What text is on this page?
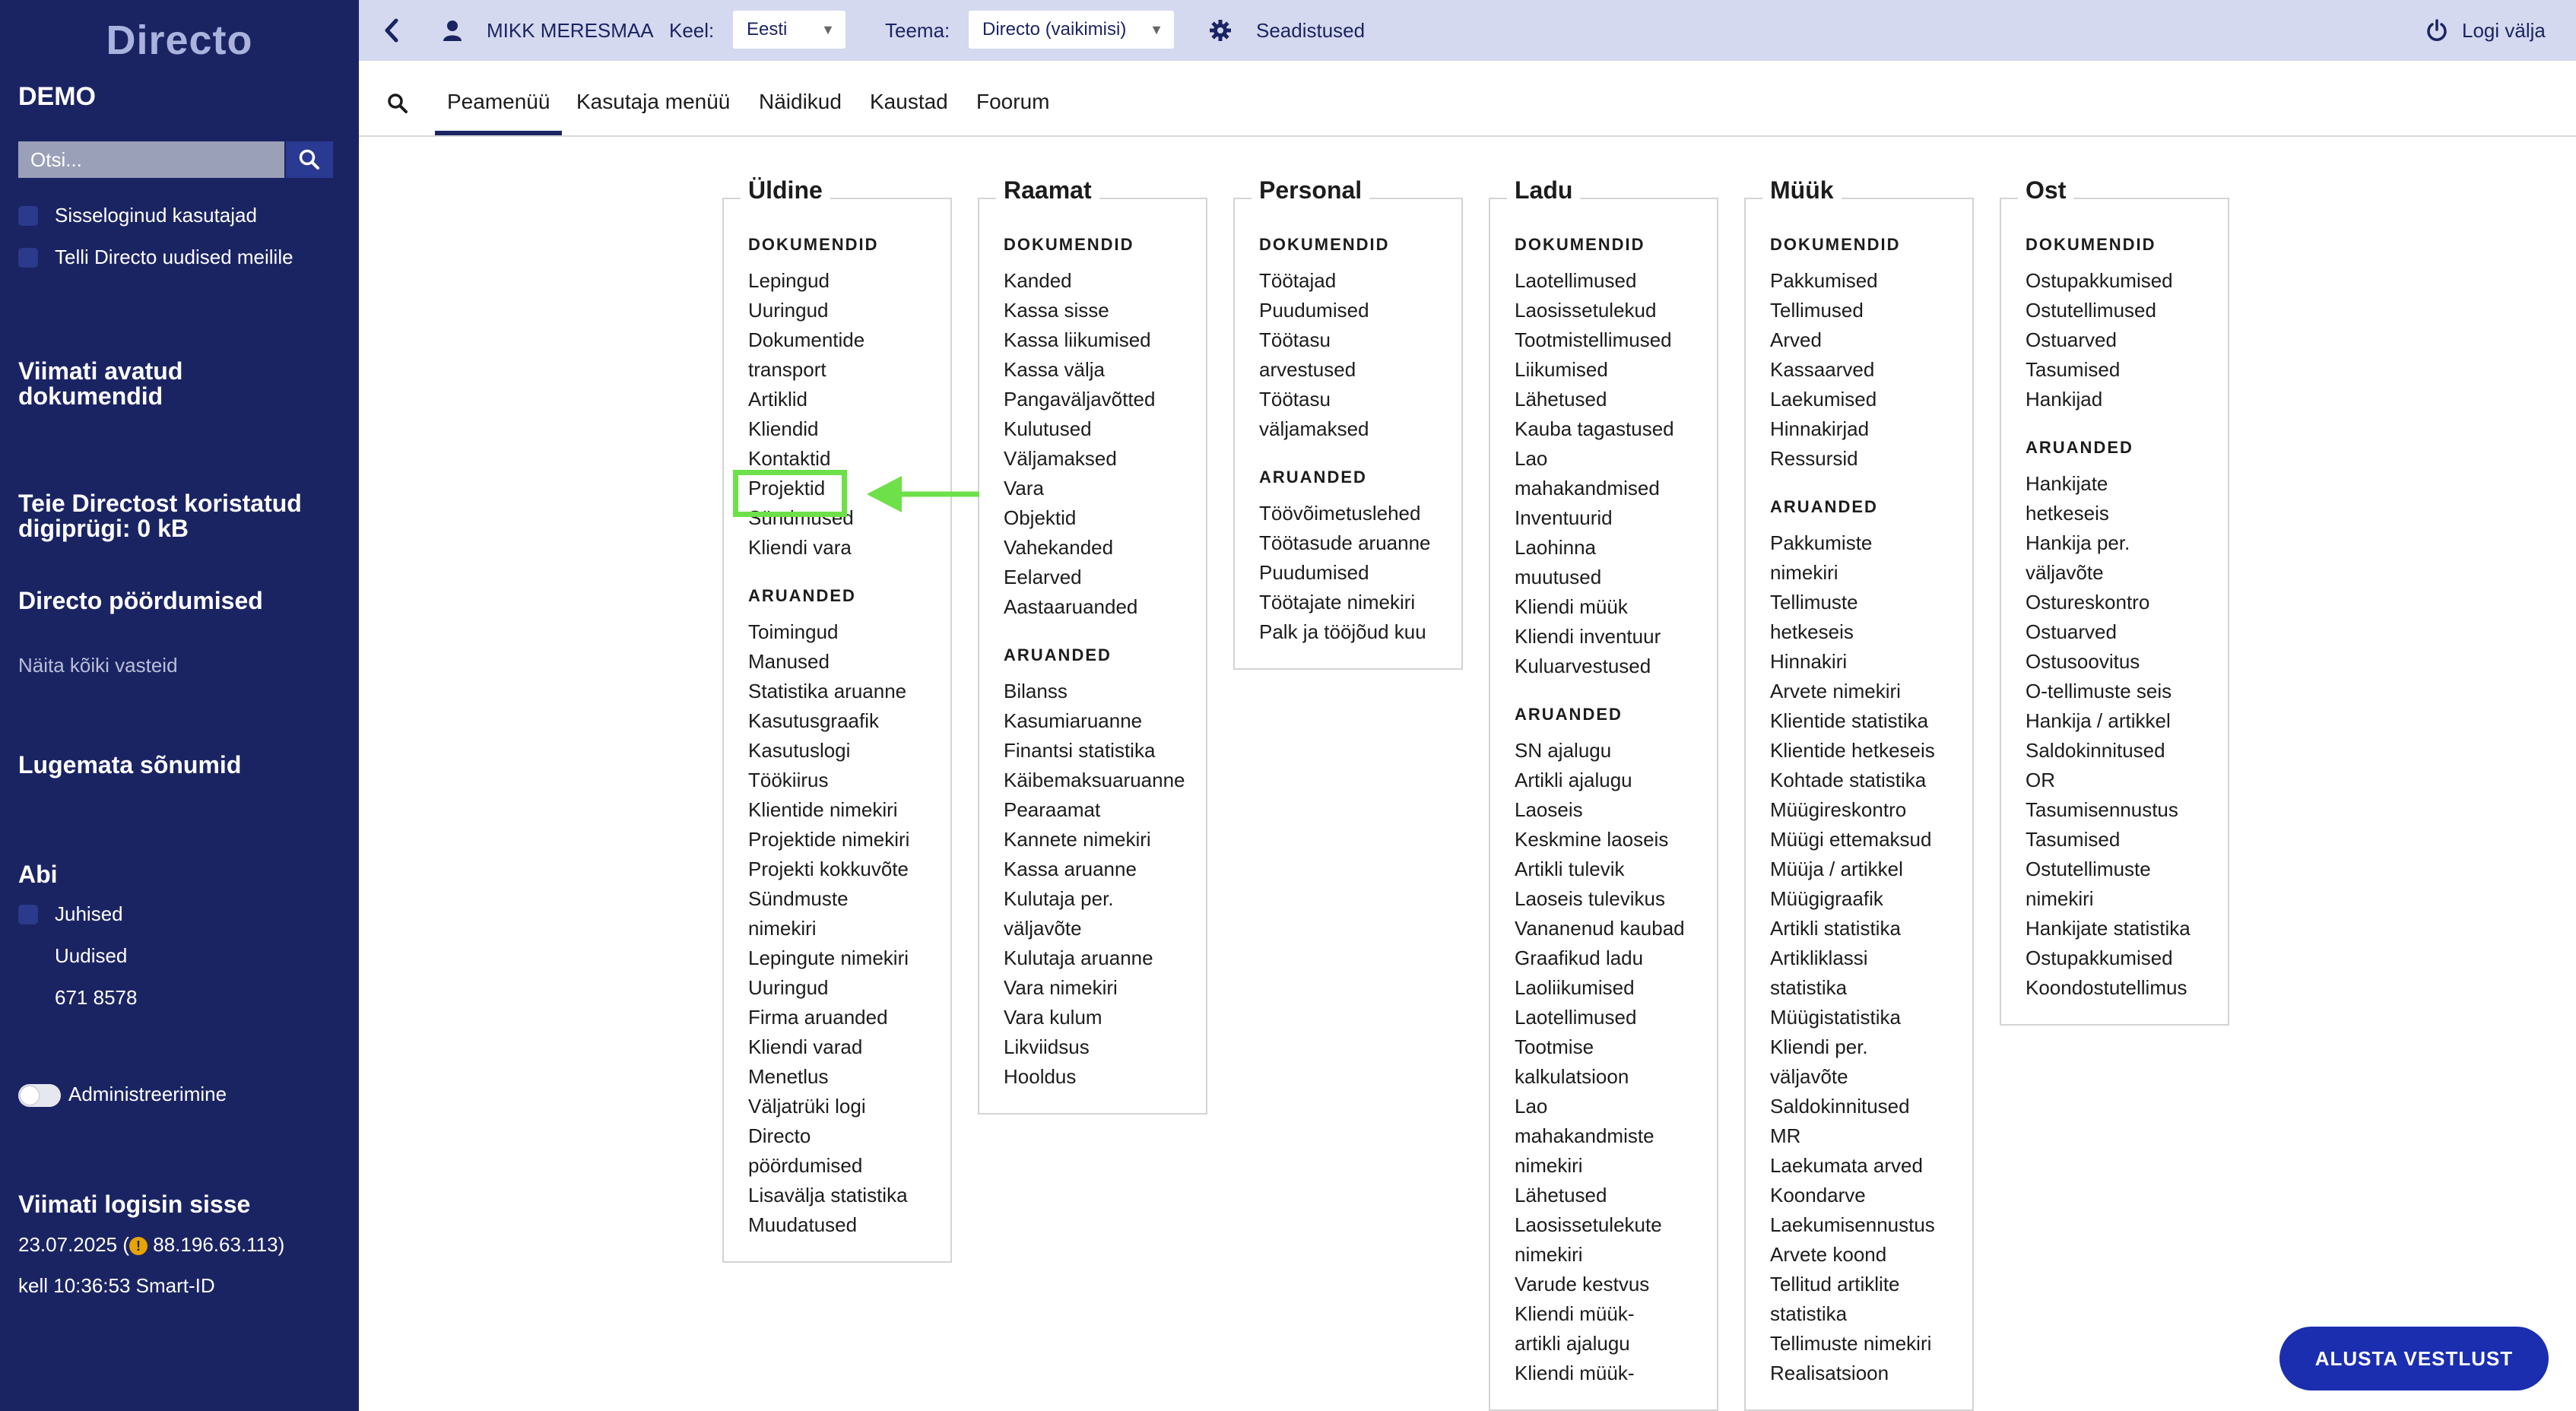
Directo
DEMO
Otsi...
Sisseloginud kasutajad
Telli Directo uudised meilile
Viimati avatud dokumendid
Teie Directost koristatud digiprügi: 0 kB
Directo pöördumised
Näita kõiki vasteid
Lugemata sõnumid
Abi
Juhised
Uudised
671 8578
Administreerimine
Viimati logisin sisse
23.07.2025 ( ! 88.196.63.113)
kell 10:36:53 Smart-ID
MIKK MERESMAA Keel: Eesti ▼	Teema: Directo (vaikimisi) ▼	Seadistused	Logi välja
Peamenüü	Kasutaja menüü Näidikud Kaustad Foorum
Üldine
DOKUMENDID
Lepingud
Uuringud
Dokumentide
transport
Artiklid
Kliendid
Kontaktid
Projektid
Sündmused
Kliendi vara
ARUANDED
Toimingud
Manused
Statistika aruanne
Kasutusgraafik
Kasutuslogi
Töökiirus
Klientide nimekiri
Projektide nimekiri
Projekti kokkuvõte
Sündmuste
nimekiri
Lepingute nimekiri
Uuringud
Firma aruanded
Kliendi varad
Menetlus
Väljatrüki logi
Directo
pöördumised
Lisavälja statistika
Muudatused
Raamat
DOKUMENDID
Kanded
Kassa sisse
Kassa liikumised
Kassa välja
Pangaväljavõtted
Kulutused
Väljamaksed
Vara
Objektid
Vahekanded
Eelarved
Aastaaruanded
ARUANDED
Bilanss
Kasumiaruanne
Finantsi statistika
Käibemaksuaruanne
Pearaamat
Kannete nimekiri
Kassa aruanne
Kulutaja per.
väljavõte
Kulutaja aruanne
Vara nimekiri
Vara kulum
Likviidsus
Hooldus
Personal
DOKUMENDID
Töötajad
Puudumised
Töötasu
arvestused
Töötasu
väljamaksed
ARUANDED
Töövõimetuslehed
Töötasude aruanne
Puudumised
Töötajate nimekiri
Palk ja tööjõud kuu
Ladu
DOKUMENDID
Laotellimused
Laosissetulekud
Tootmistellimused
Liikumised
Lähetused
Kauba tagastused
Lao
mahakandmised
Inventuurid
Laohinna
muutused
Kliendi müük
Kliendi inventuur
Kuluarvestused
ARUANDED
SN ajalugu
Artikli ajalugu
Laoseis
Keskmine laoseis
Artikli tulevik
Laoseis tulevikus
Vananenud kaubad
Graafikud ladu
Laoliikumised
Laotellimused
Tootmise
kalkulatsioon
Lao
mahakandmiste
nimekiri
Lähetused
Laosissetulekute
nimekiri
Varude kestvus
Kliendi müük-
artikli ajalugu
Kliendi müük-
Müük
DOKUMENDID
Pakkumised
Tellimused
Arved
Kassaarved
Laekumised
Hinnakirjad
Ressursid
ARUANDED
Pakkumiste
nimekiri
Tellimuste
hetkeseis
Hinnakiri
Arvete nimekiri
Klientide statistika
Klientide hetkeseis
Kohtade statistika
Müügireskontro
Müügi ettemaksud
Müüja / artikkel
Müügigraafik
Artikli statistika
Artikliklassi
statistika
Müügistatistika
Kliendi per.
väljavõte
Saldokinnitused
MR
Laekumata arved
Koondarve
Laekumisennustus
Arvete koond
Tellitud artiklite
statistika
Tellimuste nimekiri
Realisatsioon
Ost
DOKUMENDID
Ostupakkumised
Ostutellimused
Ostuarved
Tasumised
Hankijad
ARUANDED
Hankijate
hetkeseis
Hankija per.
väljavõte
Ostureskontro
Ostuarved
Ostusoovitus
O-tellimuste seis
Hankija / artikkel
Saldokinnitused
OR
Tasumisennustus
Tasumised
Ostutellimuste
nimekiri
Hankijate statistika
Ostupakkumised
Koondostutellimus
ALUSTA VESTLUST
